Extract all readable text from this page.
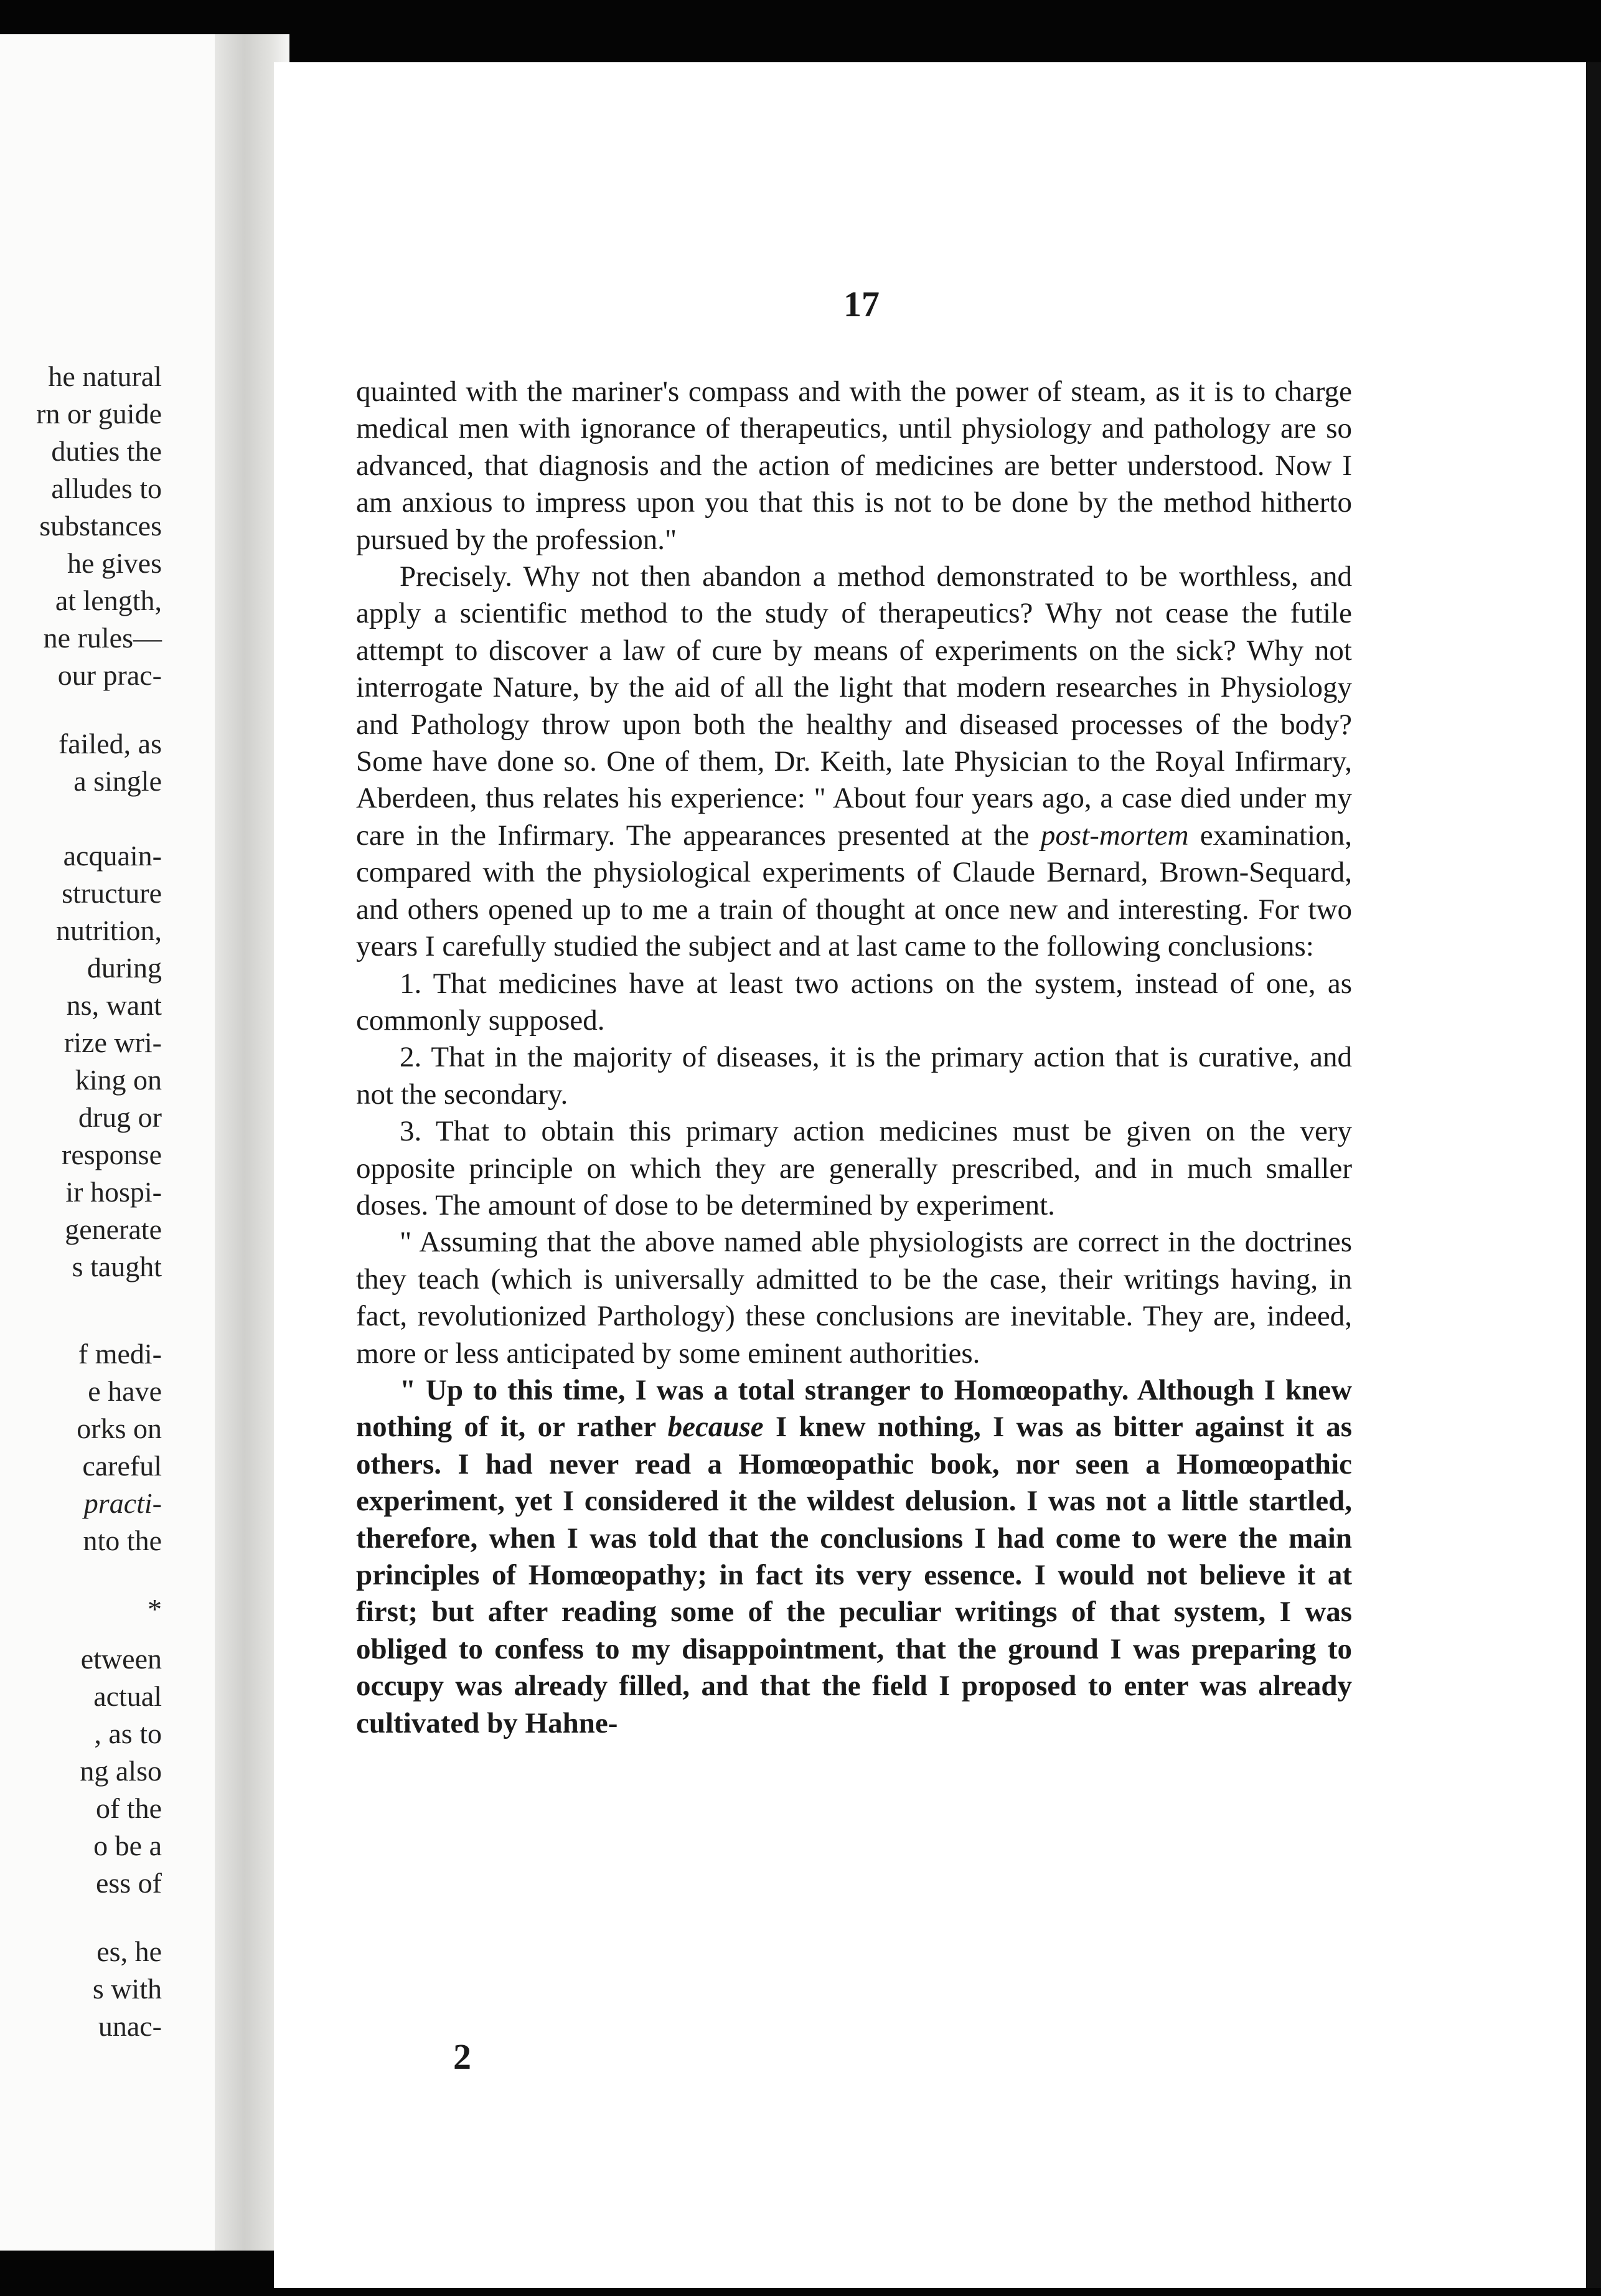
he natural
rn or guide
duties the
alludes to
substances
he gives
at length,
ne rules—
our prac-
failed, as
a single
acquain-
structure
nutrition,
during
ns, want
rize wri-
king on
drug or
response
ir hospi-
generate
s taught
f medi-
e have
orks on
careful
practi-
nto the
*
etween
actual
, as to
ng also
of the
o be a
ess of
es, he
s with
unac-
17

quainted with the mariner's compass and with the power of steam, as it is to charge medical men with ignorance of therapeutics, until physiology and pathology are so advanced, that diagnosis and the action of medicines are better understood. Now I am anxious to impress upon you that this is not to be done by the method hitherto pursued by the profession."

Precisely. Why not then abandon a method demonstrated to be worthless, and apply a scientific method to the study of therapeutics? Why not cease the futile attempt to discover a law of cure by means of experiments on the sick? Why not interrogate Nature, by the aid of all the light that modern researches in Physiology and Pathology throw upon both the healthy and diseased processes of the body? Some have done so. One of them, Dr. Keith, late Physician to the Royal Infirmary, Aberdeen, thus relates his experience: " About four years ago, a case died under my care in the Infirmary. The appearances presented at the post-mortem examination, compared with the physiological experiments of Claude Bernard, Brown-Sequard, and others opened up to me a train of thought at once new and interesting. For two years I carefully studied the subject and at last came to the following conclusions:

1. That medicines have at least two actions on the system, instead of one, as commonly supposed.

2. That in the majority of diseases, it is the primary action that is curative, and not the secondary.

3. That to obtain this primary action medicines must be given on the very opposite principle on which they are generally prescribed, and in much smaller doses. The amount of dose to be determined by experiment.

" Assuming that the above named able physiologists are correct in the doctrines they teach (which is universally admitted to be the case, their writings having, in fact, revolutionized Parthology) these conclusions are inevitable. They are, indeed, more or less anticipated by some eminent authorities.

" Up to this time, I was a total stranger to Homœopathy. Although I knew nothing of it, or rather because I knew nothing, I was as bitter against it as others. I had never read a Homœopathic book, nor seen a Homœopathic experiment, yet I considered it the wildest delusion. I was not a little startled, therefore, when I was told that the conclusions I had come to were the main principles of Homœopathy; in fact its very essence. I would not believe it at first; but after reading some of the peculiar writings of that system, I was obliged to confess to my disappointment, that the ground I was preparing to occupy was already filled, and that the field I proposed to enter was already cultivated by Hahne-

2
